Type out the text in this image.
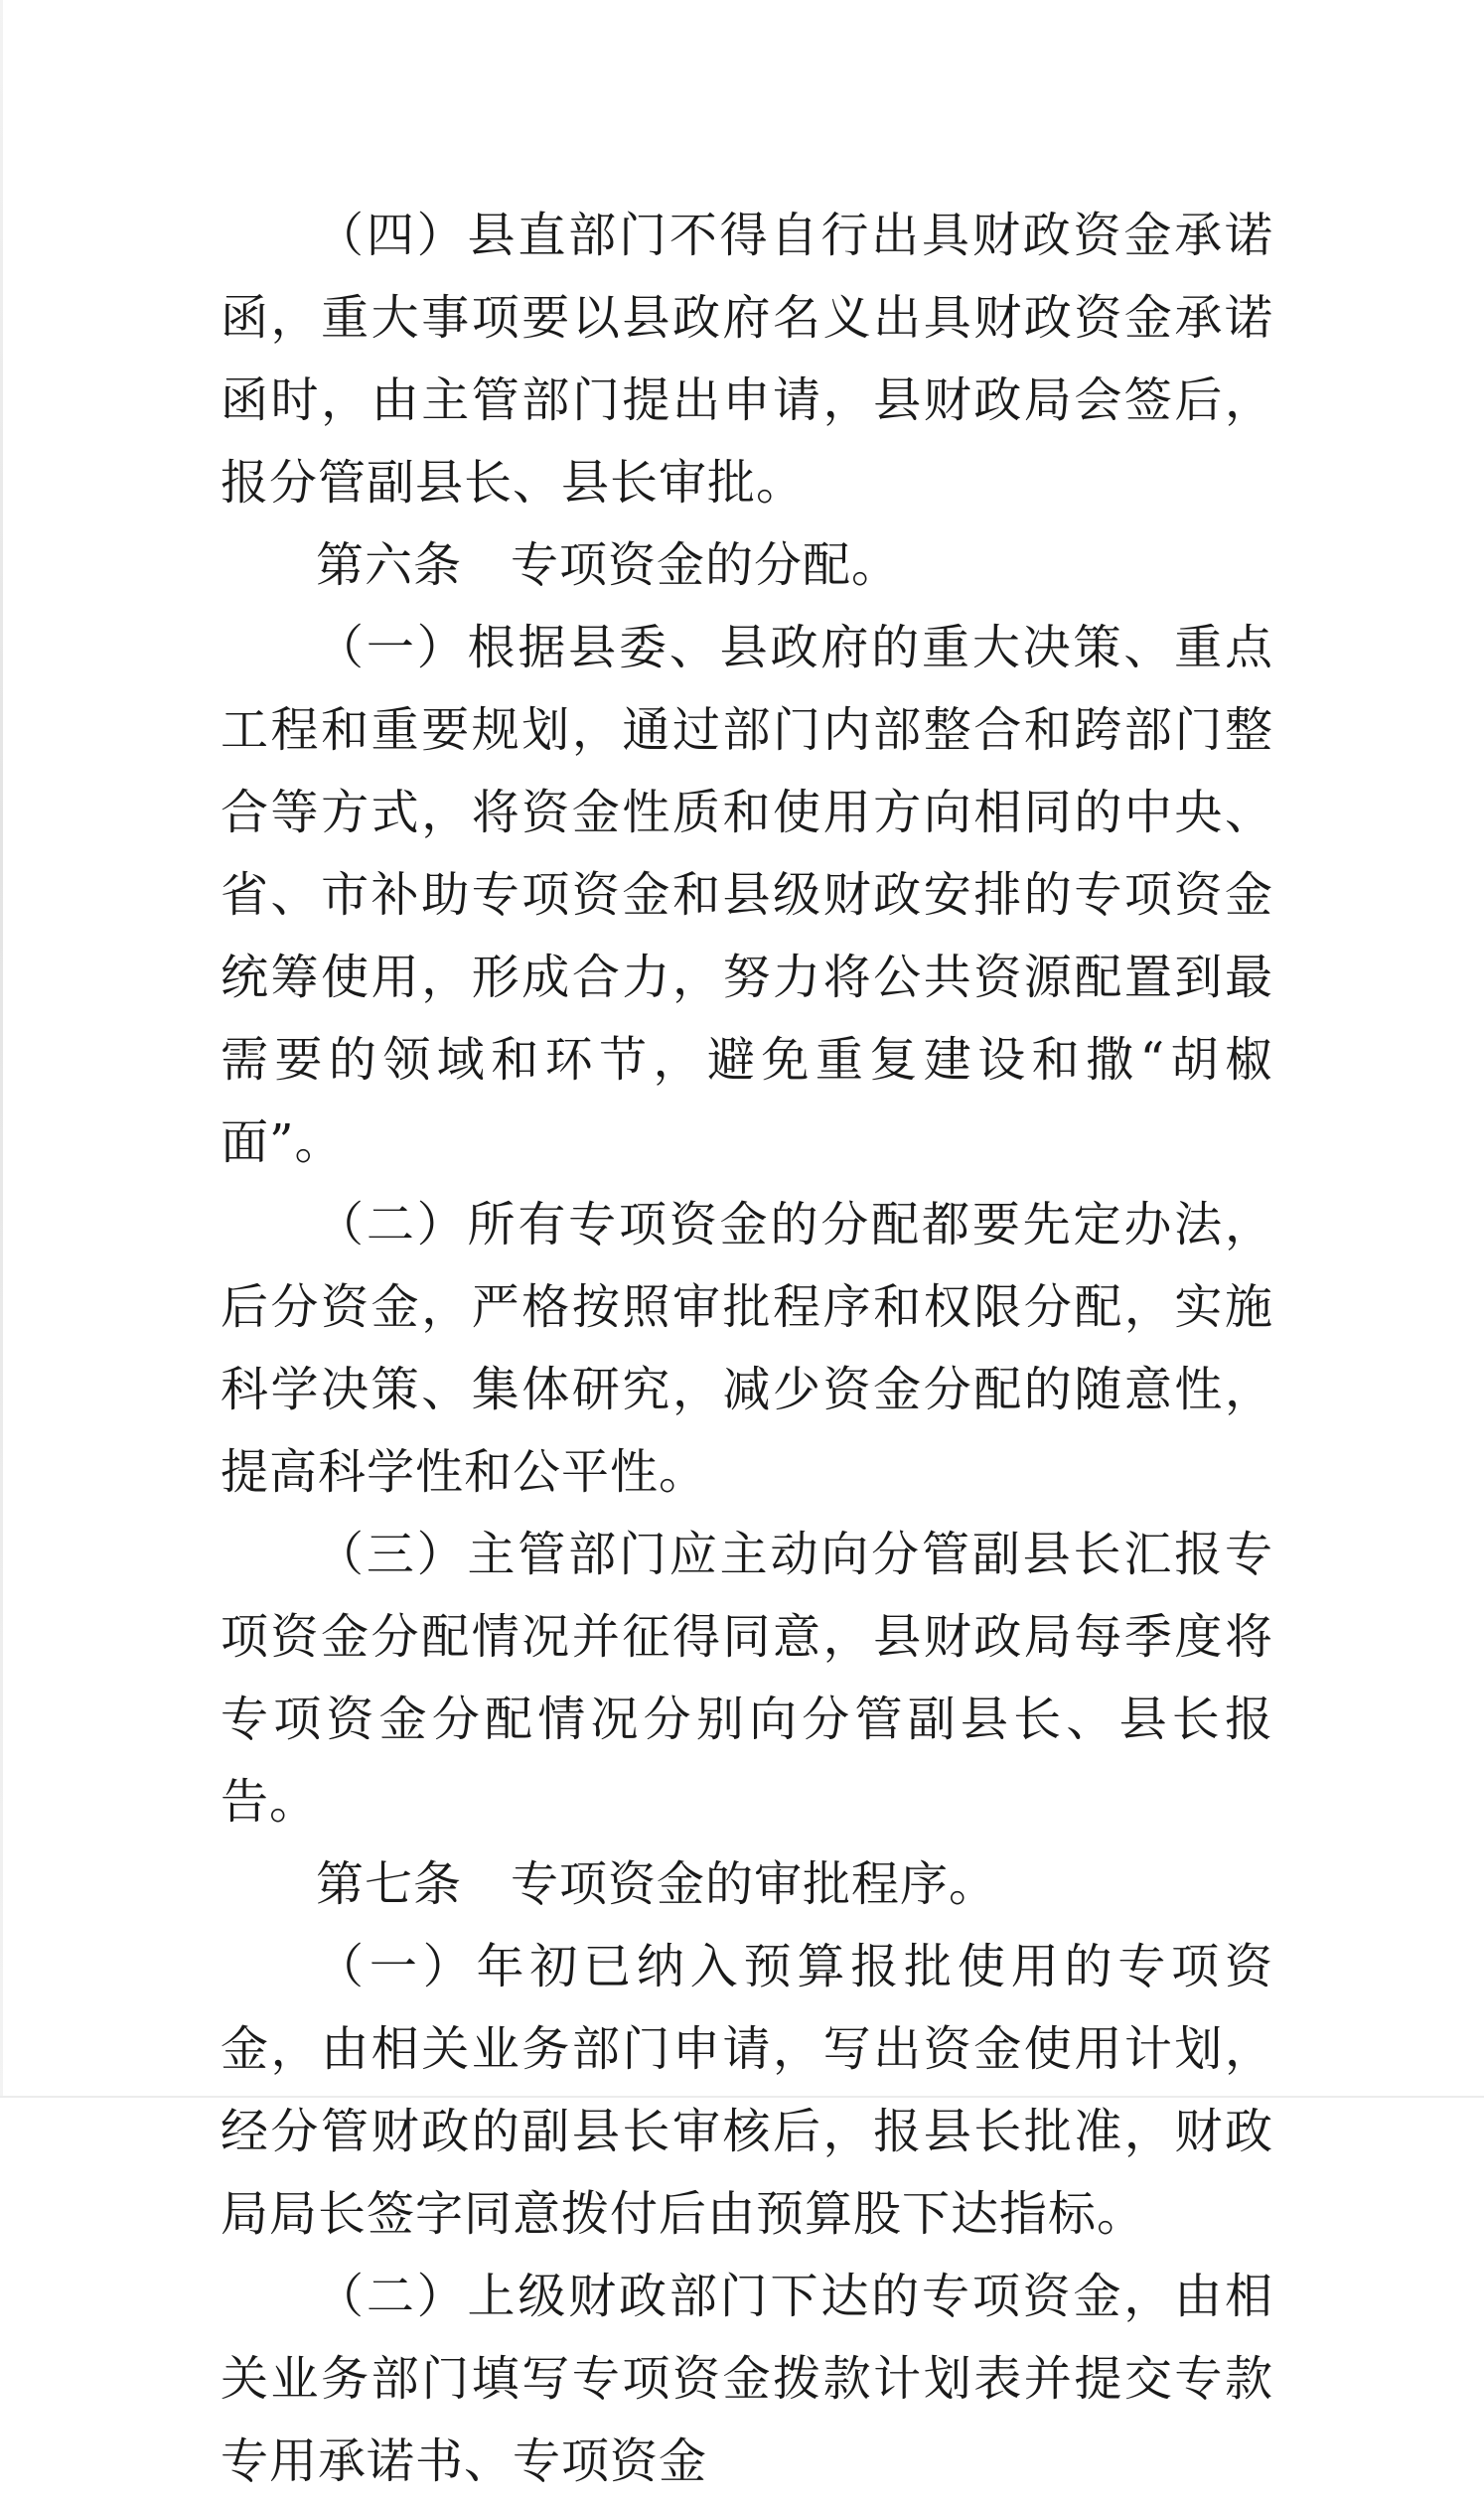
（四）县直部门不得自行出具财政资金承诺函，重大事项要以县政府名义出具财政资金承诺函时，由主管部门提出申请，县财政局会签后，报分管副县长、县长审批。

第六条　专项资金的分配。

（一）根据县委、县政府的重大决策、重点工程和重要规划，通过部门内部整合和跨部门整合等方式，将资金性质和使用方向相同的中央、省、市补助专项资金和县级财政安排的专项资金统筹使用，形成合力，努力将公共资源配置到最需要的领域和环节，避免重复建设和撒“胡椒面”。

（二）所有专项资金的分配都要先定办法，后分资金，严格按照审批程序和权限分配，实施科学决策、集体研究，减少资金分配的随意性，提高科学性和公平性。

（三）主管部门应主动向分管副县长汇报专项资金分配情况并征得同意，县财政局每季度将专项资金分配情况分别向分管副县长、县长报告。

第七条　专项资金的审批程序。

（一）年初已纳入预算报批使用的专项资金，由相关业务部门申请，写出资金使用计划，经分管财政的副县长审核后，报县长批准，财政局局长签字同意拨付后由预算股下达指标。

（二）上级财政部门下达的专项资金，由相关业务部门填写专项资金拨款计划表并提交专款专用承诺书、专项资金
